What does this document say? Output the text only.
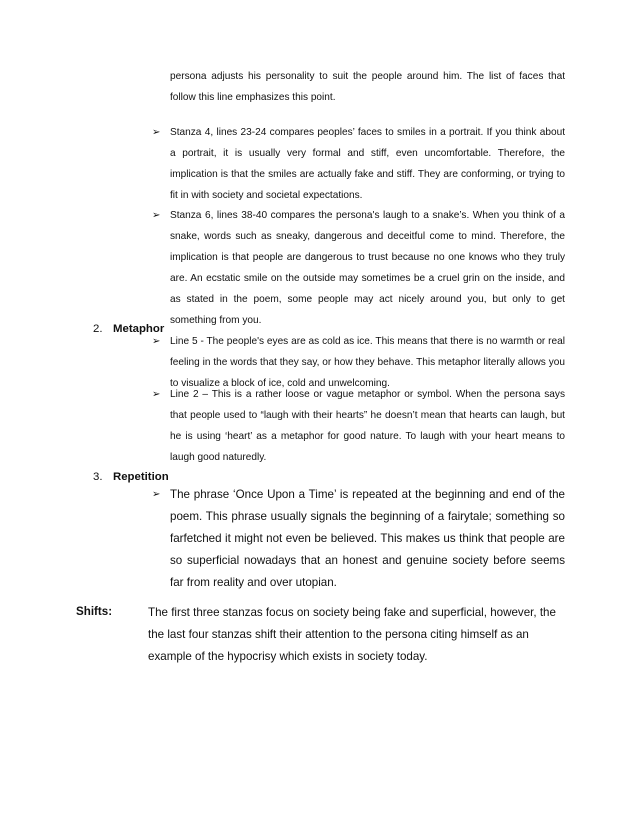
persona adjusts his personality to suit the people around him. The list of faces that follow this line emphasizes this point.

➢ Stanza 4, lines 23-24 compares peoples’ faces to smiles in a portrait. If you think about a portrait, it is usually very formal and stiff, even uncomfortable. Therefore, the implication is that the smiles are actually fake and stiff. They are conforming, or trying to fit in with society and societal expectations.
➢ Stanza 6, lines 38-40 compares the persona's laugh to a snake’s. When you think of a snake, words such as sneaky, dangerous and deceitful come to mind. Therefore, the implication is that people are dangerous to trust because no one knows who they truly are. An ecstatic smile on the outside may sometimes be a cruel grin on the inside, and as stated in the poem, some people may act nicely around you, but only to get something from you.
2. Metaphor
➢ Line 5 - The people's eyes are as cold as ice. This means that there is no warmth or real feeling in the words that they say, or how they behave. This metaphor literally allows you to visualize a block of ice, cold and unwelcoming.
➢ Line 2 – This is a rather loose or vague metaphor or symbol. When the persona says that people used to “laugh with their hearts” he doesn’t mean that hearts can laugh, but he is using ‘heart’ as a metaphor for good nature. To laugh with your heart means to laugh good naturedly.
3. Repetition
➢ The phrase ‘Once Upon a Time’ is repeated at the beginning and end of the poem. This phrase usually signals the beginning of a fairytale; something so farfetched it might not even be believed. This makes us think that people are so superficial nowadays that an honest and genuine society before seems far from reality and over utopian.

Shifts:	The first three stanzas focus on society being fake and superficial, however, the the last four stanzas shift their attention to the persona citing himself as an example of the hypocrisy which exists in society today.
